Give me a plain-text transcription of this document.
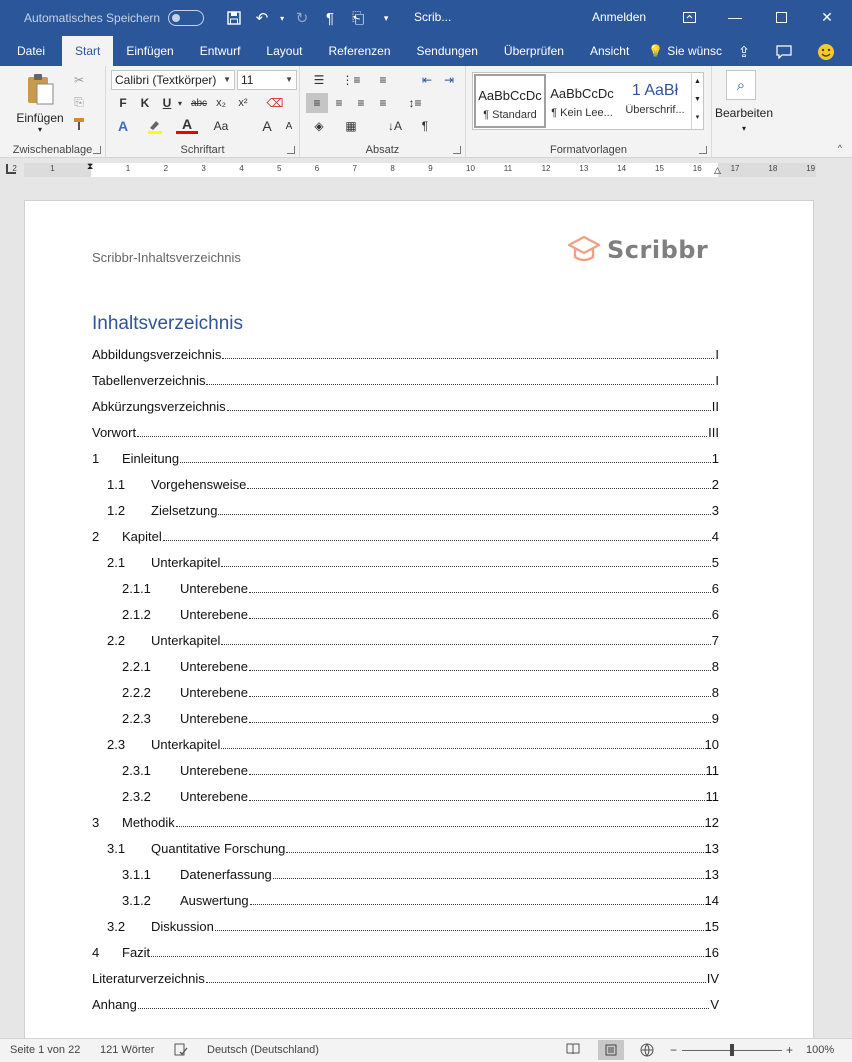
Automatisches Speichern	↶	▾ ↻	¶	⎗	▾	Scrib...	Anmelden	—	✕
Datei	Start	Einfügen	Entwurf	Layout	Referenzen	Sendungen	Überprüfen	Ansicht	💡 Sie wünsc ⇪
Einfügen
▾
✂
⎘
Zwischenablage
Calibri (Textkörper) ▼ 11	▼
F	K	U ▾ abc x₂	x²	⌫
A	A	Aa	A	A
Schriftart
☰	⋮≡	≡	⇤ ⇥
≡	≡	≡	≡	↕≡
◈	▦	↓A	¶
Absatz	Formatvorlagen
AaBbCcDc
¶ Standard
AaBbCcDc
¶ Kein Lee...
1 AaBł
Überschrif...
▲
▼
▾
⌕
Bearbeiten
▾
^
⧗	△
2	1	1	2	3	4	5	6	7	8	9	10	11	12	13	14	15	16	17	18	19
Scribbr-Inhaltsverzeichnis	Scribbr
Inhaltsverzeichnis
Abbildungsverzeichnis	I
Tabellenverzeichnis	I
Abkürzungsverzeichnis	II
Vorwort	III
1	Einleitung	1
1.1	Vorgehensweise	2
1.2	Zielsetzung	3
2	Kapitel	4
2.1	Unterkapitel	5
2.1.1	Unterebene	6
2.1.2	Unterebene	6
2.2	Unterkapitel	7
2.2.1	Unterebene	8
2.2.2	Unterebene	8
2.2.3	Unterebene	9
2.3	Unterkapitel	10
2.3.1	Unterebene	11
2.3.2	Unterebene	11
3	Methodik	12
3.1	Quantitative Forschung	13
3.1.1	Datenerfassung	13
3.1.2	Auswertung	14
3.2	Diskussion	15
4	Fazit	16
Literaturverzeichnis	IV
Anhang	V
Seite 1 von 22 121 Wörter	Deutsch (Deutschland)	−	+ 100%
